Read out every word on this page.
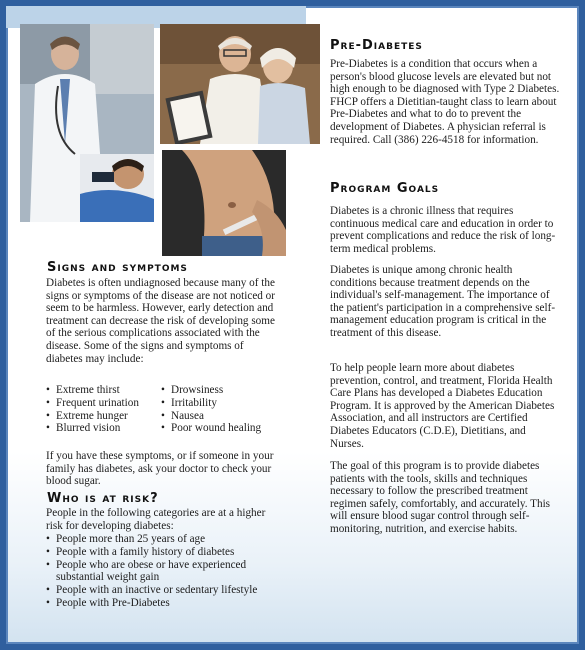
Pre-Diabetes

Pre-Diabetes is a condition that occurs when a person's blood glucose levels are elevated but not high enough to be diagnosed with Type 2 Diabetes. FHCP offers a Dietitian-taught class to learn about Pre-Diabetes and what to do to prevent the development of Diabetes. A physician referral is required. Call (386) 226-4518 for information.

Program Goals

Diabetes is a chronic illness that requires continuous medical care and education in order to prevent complications and reduce the risk of long-term medical problems.

Diabetes is unique among chronic health conditions because treatment depends on the individual's self-management. The importance of the patient's participation in a comprehensive self-management education program is critical in the treatment of this disease.

To help people learn more about diabetes prevention, control, and treatment, Florida Health Care Plans has developed a Diabetes Education Program. It is approved by the American Diabetes Association, and all instructors are Certified Diabetes Educators (C.D.E), Dietitians, and Nurses.

The goal of this program is to provide diabetes patients with the tools, skills and techniques necessary to follow the prescribed treatment regimen safely, comfortably, and accurately. This will ensure blood sugar control through self-monitoring, nutrition, and exercise habits.

Signs and symptoms

Diabetes is often undiagnosed because many of the signs or symptoms of the disease are not noticed or seem to be harmless. However, early detection and treatment can decrease the risk of developing some of the serious complications associated with the disease. Some of the signs and symptoms of diabetes may include:

• Extreme thirst
• Frequent urination
• Extreme hunger
• Blurred vision
• Drowsiness
• Irritability
• Nausea
• Poor wound healing

If you have these symptoms, or if someone in your family has diabetes, ask your doctor to check your blood sugar.

Who is at risk?

People in the following categories are at a higher risk for developing diabetes:

• People more than 25 years of age
• People with a family history of diabetes
• People who are obese or have experienced substantial weight gain
• People with an inactive or sedentary lifestyle
• People with Pre-Diabetes
